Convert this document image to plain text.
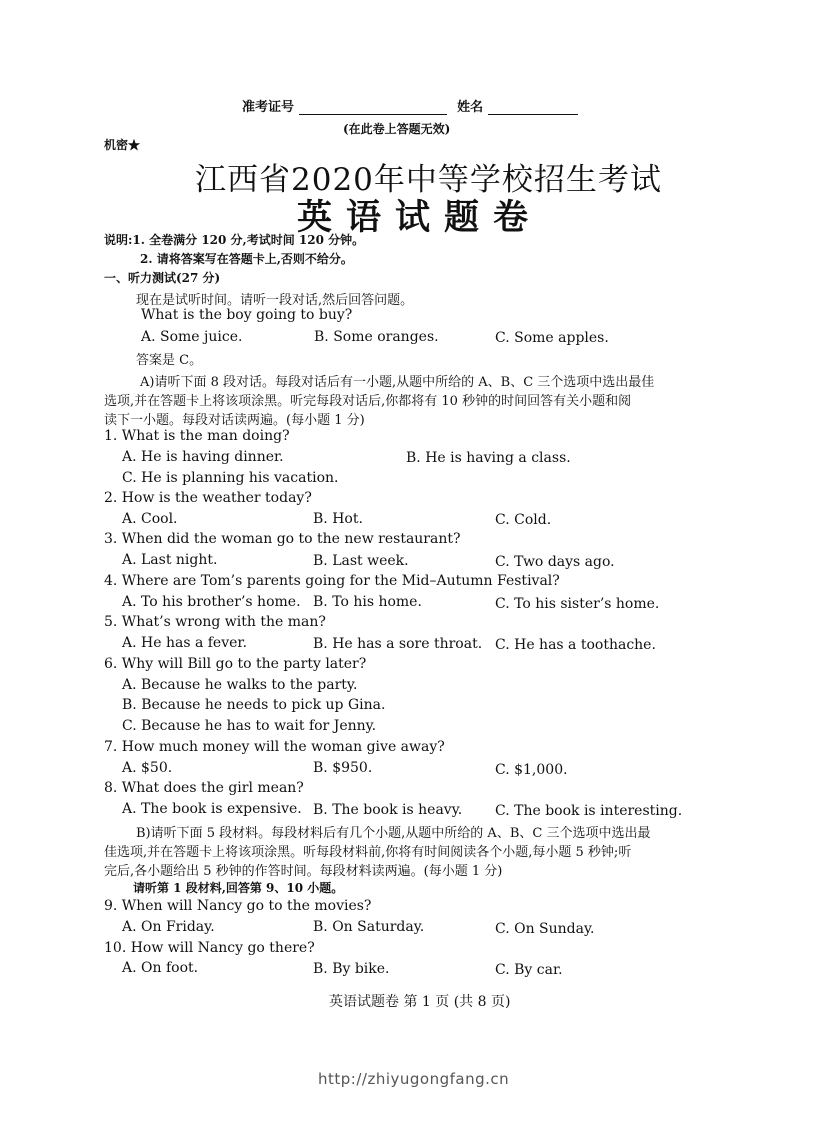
准考证号	姓名
(在此卷上答题无效)
机密★
江西省2020年中等学校招生考试
英语试题卷
说明:1. 全卷满分 120 分,考试时间 120 分钟。
2. 请将答案写在答题卡上,否则不给分。
一、听力测试(27 分)
现在是试听时间。请听一段对话,然后回答问题。
What is the boy going to buy?
A. Some juice.	B. Some oranges.	C. Some apples.
答案是 C。
A)请听下面 8 段对话。每段对话后有一小题,从题中所给的 A、B、C 三个选项中选出最佳
选项,并在答题卡上将该项涂黑。听完每段对话后,你都将有 10 秒钟的时间回答有关小题和阅
读下一小题。每段对话读两遍。(每小题 1 分)
1. What is the man doing?
A. He is having dinner.	B. He is having a class.
C. He is planning his vacation.
2. How is the weather today?
A. Cool.	B. Hot.	C. Cold.
3. When did the woman go to the new restaurant?
A. Last night.	B. Last week.	C. Two days ago.
4. Where are Tom’s parents going for the Mid–Autumn Festival?
A. To his brother’s home. B. To his home.	C. To his sister’s home.
5. What’s wrong with the man?
A. He has a fever.	B. He has a sore throat. C. He has a toothache.
6. Why will Bill go to the party later?
A. Because he walks to the party.
B. Because he needs to pick up Gina.
C. Because he has to wait for Jenny.
7. How much money will the woman give away?
A. $50.	B. $950.	C. $1,000.
8. What does the girl mean?
A. The book is expensive. B. The book is heavy. C. The book is interesting.
B)请听下面 5 段材料。每段材料后有几个小题,从题中所给的 A、B、C 三个选项中选出最
佳选项,并在答题卡上将该项涂黑。听每段材料前,你将有时间阅读各个小题,每小题 5 秒钟;听
完后,各小题给出 5 秒钟的作答时间。每段材料读两遍。(每小题 1 分)
请听第 1 段材料,回答第 9、10 小题。
9. When will Nancy go to the movies?
A. On Friday.	B. On Saturday.	C. On Sunday.
10. How will Nancy go there?
A. On foot.	B. By bike.	C. By car.
英语试题卷 第 1 页 (共 8 页)
http://zhiyugongfang.cn
